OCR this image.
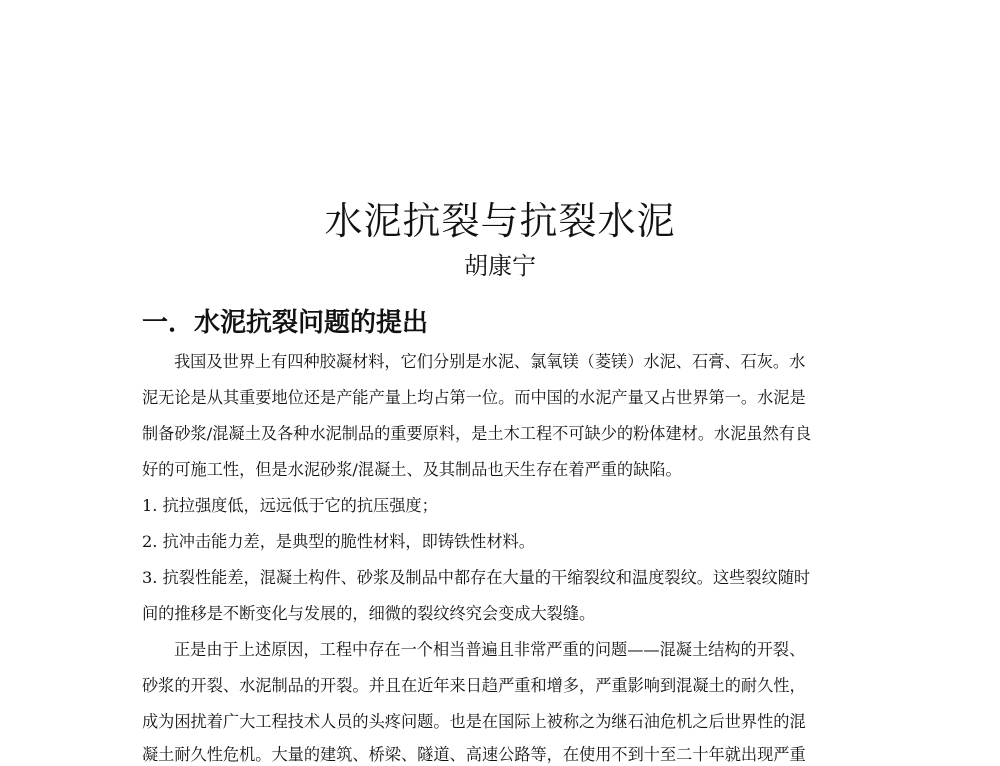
水泥抗裂与抗裂水泥
胡康宁
一．水泥抗裂问题的提出
我国及世界上有四种胶凝材料，它们分别是水泥、氯氧镁（菱镁）水泥、石膏、石灰。水
泥无论是从其重要地位还是产能产量上均占第一位。而中国的水泥产量又占世界第一。水泥是
制备砂浆/混凝土及各种水泥制品的重要原料，是土木工程不可缺少的粉体建材。水泥虽然有良
好的可施工性，但是水泥砂浆/混凝土、及其制品也天生存在着严重的缺陷。
1. 抗拉强度低，远远低于它的抗压强度；
2. 抗冲击能力差，是典型的脆性材料，即铸铁性材料。
3. 抗裂性能差，混凝土构件、砂浆及制品中都存在大量的干缩裂纹和温度裂纹。这些裂纹随时
间的推移是不断变化与发展的，细微的裂纹终究会变成大裂缝。
正是由于上述原因，工程中存在一个相当普遍且非常严重的问题——混凝土结构的开裂、
砂浆的开裂、水泥制品的开裂。并且在近年来日趋严重和增多，严重影响到混凝土的耐久性，
成为困扰着广大工程技术人员的头疼问题。也是在国际上被称之为继石油危机之后世界性的混
凝土耐久性危机。大量的建筑、桥梁、隧道、高速公路等，在使用不到十至二十年就出现严重
